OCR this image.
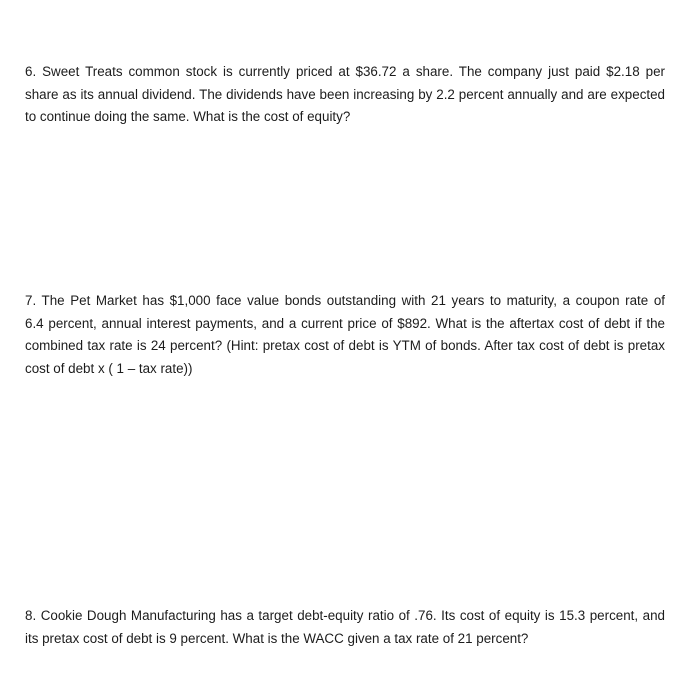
6. Sweet Treats common stock is currently priced at $36.72 a share. The company just paid $2.18 per
share as its annual dividend. The dividends have been increasing by 2.2 percent annually and are expected
to continue doing the same. What is the cost of equity?
7. The Pet Market has $1,000 face value bonds outstanding with 21 years to maturity, a coupon rate of
6.4 percent, annual interest payments, and a current price of $892. What is the aftertax cost of debt if the
combined tax rate is 24 percent? (Hint: pretax cost of debt is YTM of bonds. After tax cost of debt is pretax
cost of debt x ( 1 – tax rate))
8. Cookie Dough Manufacturing has a target debt-equity ratio of .76. Its cost of equity is 15.3 percent, and
its pretax cost of debt is 9 percent. What is the WACC given a tax rate of 21 percent?
